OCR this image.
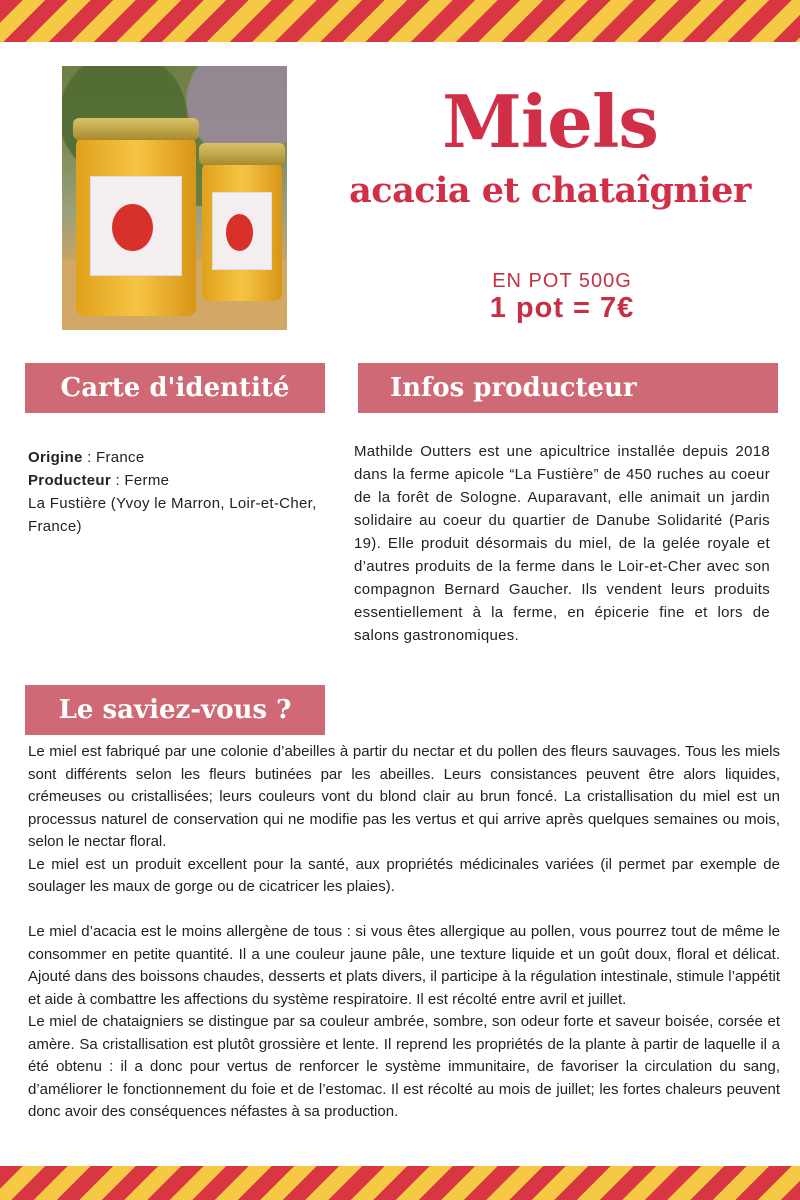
Miels
acacia et chataîgnier
EN POT 500G
1 pot = 7€
Carte d'identité	Infos producteur
Origine : France
Producteur : Ferme
La Fustière (Yvoy le Marron, Loir-et-Cher, France)
Mathilde Outters est une apicultrice installée depuis 2018 dans la ferme apicole “La Fustière” de 450 ruches au coeur de la forêt de Sologne. Auparavant, elle animait un jardin solidaire au coeur du quartier de Danube Solidarité (Paris 19). Elle produit désormais du miel, de la gelée royale et d’autres produits de la ferme dans le Loir-et-Cher avec son compagnon Bernard Gaucher. Ils vendent leurs produits essentiellement à la ferme, en épicerie fine et lors de salons gastronomiques.
Le saviez-vous ?

Le miel est fabriqué par une colonie d’abeilles à partir du nectar et du pollen des fleurs sauvages. Tous les miels sont différents selon les fleurs butinées par les abeilles. Leurs consistances peuvent être alors liquides, crémeuses ou cristallisées; leurs couleurs vont du blond clair au brun foncé. La cristallisation du miel est un processus naturel de conservation qui ne modifie pas les vertus et qui arrive après quelques semaines ou mois, selon le nectar floral.

Le miel est un produit excellent pour la santé, aux propriétés médicinales variées (il permet par exemple de soulager les maux de gorge ou de cicatricer les plaies).

Le miel d’acacia est le moins allergène de tous : si vous êtes allergique au pollen, vous pourrez tout de même le consommer en petite quantité. Il a une couleur jaune pâle, une texture liquide et un goût doux, floral et délicat. Ajouté dans des boissons chaudes, desserts et plats divers, il participe à la régulation intestinale, stimule l’appétit et aide à combattre les affections du système respiratoire. Il est récolté entre avril et juillet.

Le miel de chataigniers se distingue par sa couleur ambrée, sombre, son odeur forte et saveur boisée, corsée et amère. Sa cristallisation est plutôt grossière et lente. Il reprend les propriétés de la plante à partir de laquelle il a été obtenu : il a donc pour vertus de renforcer le système immunitaire, de favoriser la circulation du sang, d’améliorer le fonctionnement du foie et de l’estomac. Il est récolté au mois de juillet; les fortes chaleurs peuvent donc avoir des conséquences néfastes à sa production.
